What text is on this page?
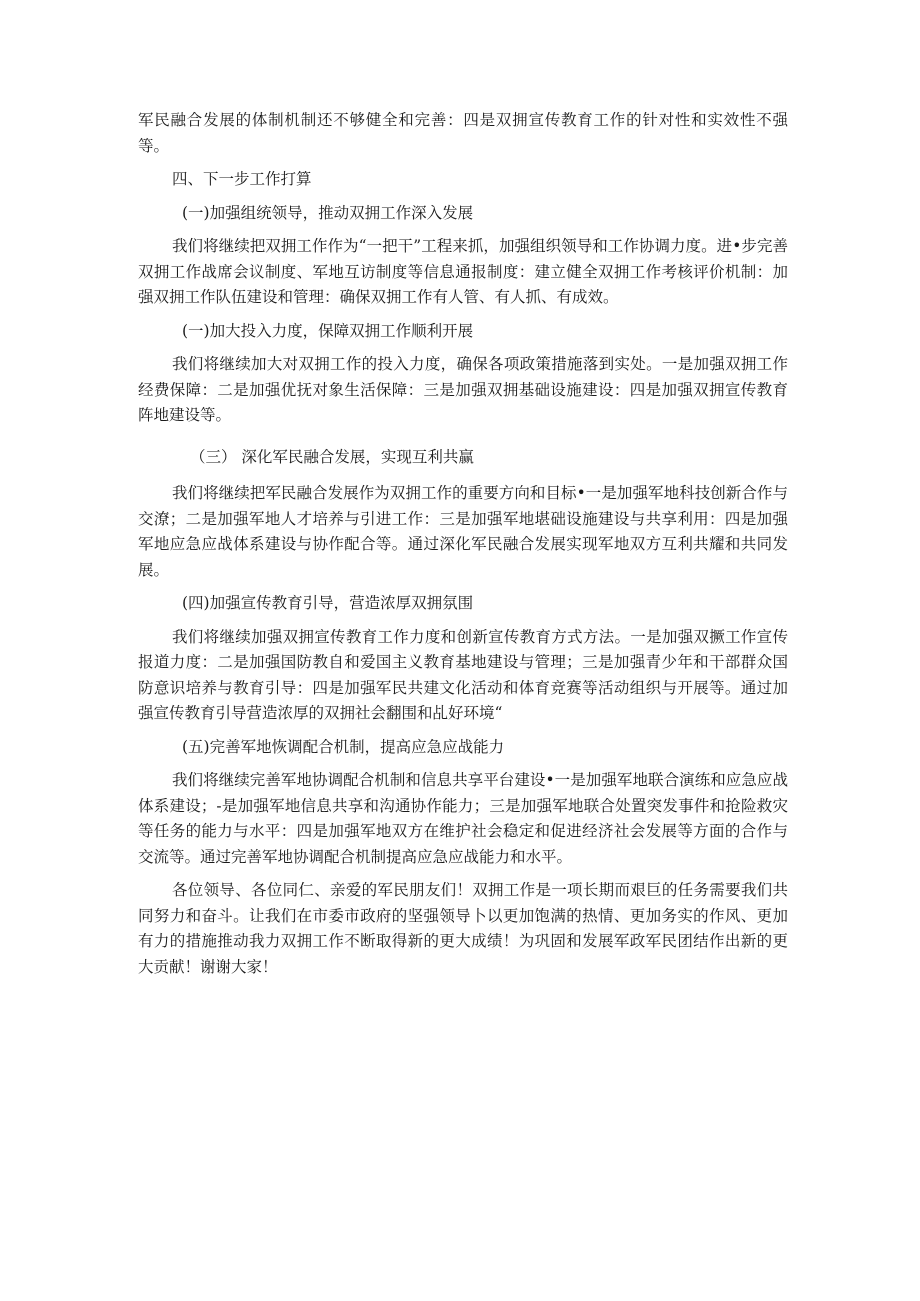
军民融合发展的体制机制还不够健全和完善：四是双拥宣传教育工作的针对性和实效性不强等。

四、下一步工作打算

(一)加强组统领导，推动双拥工作深入发展

我们将继续把双拥工作作为“一把干”工程来抓，加强组织领导和工作协调力度。进•步完善双拥工作战席会议制度、军地互访制度等信息通报制度：建立健全双拥工作考核评价机制：加强双拥工作队伍建设和管理：确保双拥工作有人管、有人抓、有成效。

(一)加大投入力度，保障双拥工作顺利开展

我们将继续加大对双拥工作的投入力度，确保各项政策措施落到实处。一是加强双拥工作经费保障：二是加强优抚对象生活保障：三是加强双拥基础设施建设：四是加强双拥宣传教育阵地建设等。

（三） 深化军民融合发展，实现互利共赢

我们将继续把军民融合发展作为双拥工作的重要方向和目标•一是加强军地科技创新合作与交潦；二是加强军地人才培养与引进工作：三是加强军地堪础设施建设与共享利用：四是加强军地应急应战体系建设与协作配合等。通过深化军民融合发展实现军地双方互利共耀和共同发展。

(四)加强宣传教育引导，营造浓厚双拥氛围

我们将继续加强双拥宣传教育工作力度和创新宣传教育方式方法。一是加强双撅工作宣传报道力度：二是加强国防教自和爱国主义教育基地建设与管理；三是加强青少年和干部群众国防意识培养与教育引导：四是加强军民共建文化活动和体育竞赛等活动组织与开展等。通过加强宣传教育引导营造浓厚的双拥社会翻围和乩好环境“

(五)完善军地恢调配合机制，提高应急应战能力

我们将继续完善军地协调配合机制和信息共享平台建设•一是加强军地联合演练和应急应战体系建设；-是加强军地信息共享和沟通协作能力；三是加强军地联合处置突发事件和抢险救灾等任务的能力与水平：四是加强军地双方在维护社会稳定和促进经济社会发展等方面的合作与交流等。通过完善军地协调配合机制提高应急应战能力和水平。

各位领导、各位同仁、亲爱的军民朋友们！双拥工作是一项长期而艰巨的任务需要我们共同努力和奋斗。让我们在市委市政府的坚强领导卜以更加饱满的热情、更加务实的作风、更加有力的措施推动我力双拥工作不断取得新的更大成绩！为巩固和发展军政军民团结作出新的更大贡献！谢谢大家！
